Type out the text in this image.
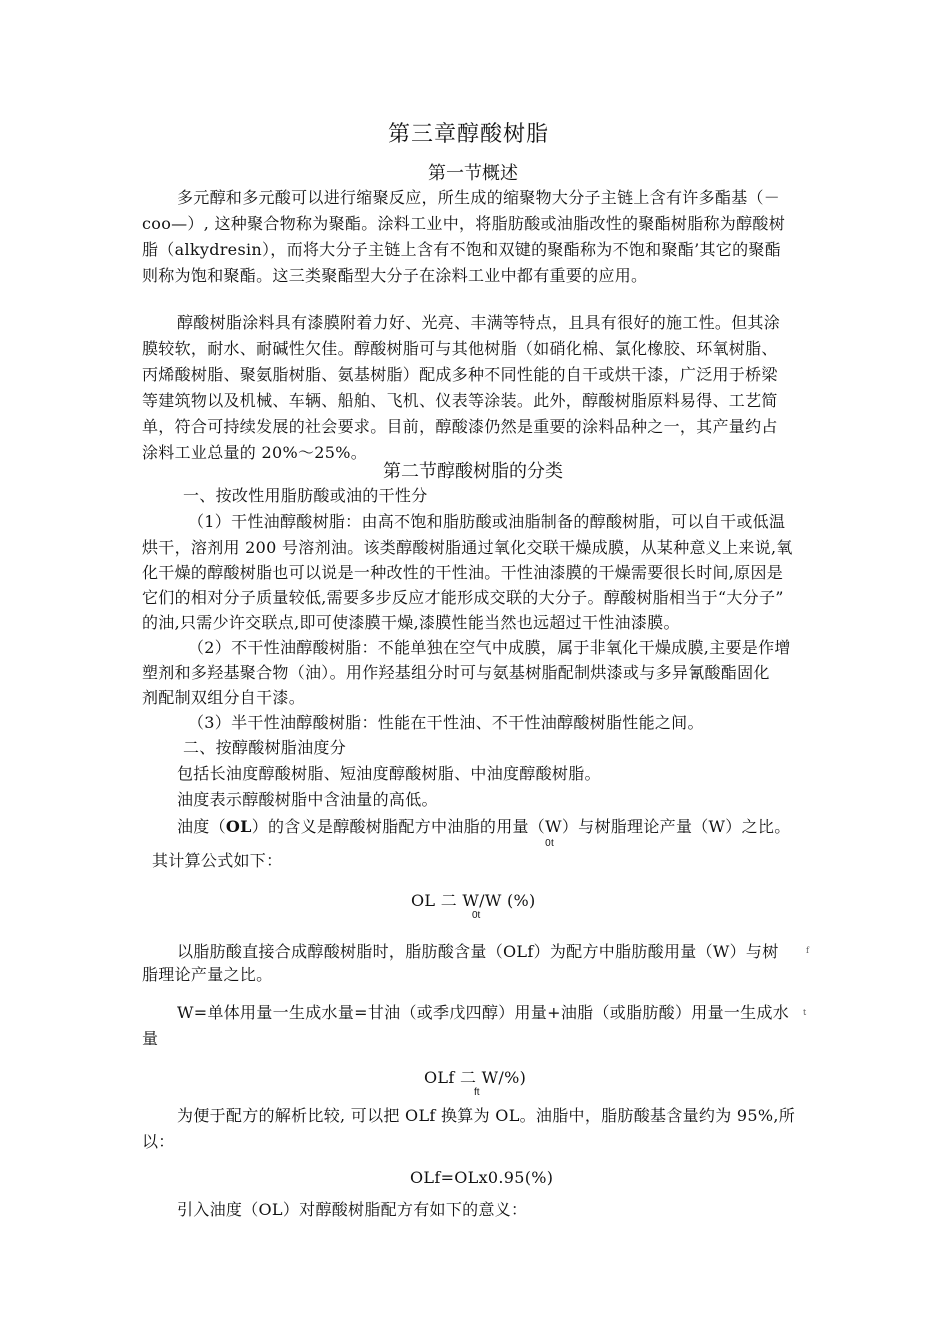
第三章醇酸树脂
第一节概述
多元醇和多元酸可以进行缩聚反应，所生成的缩聚物大分子主链上含有许多酯基（－
coo—）, 这种聚合物称为聚酯。涂料工业中，将脂肪酸或油脂改性的聚酯树脂称为醇酸树
脂（alkydresin），而将大分子主链上含有不饱和双键的聚酯称为不饱和聚酯’其它的聚酯
则称为饱和聚酯。这三类聚酯型大分子在涂料工业中都有重要的应用。
醇酸树脂涂料具有漆膜附着力好、光亮、丰满等特点，且具有很好的施工性。但其涂
膜较软，耐水、耐碱性欠佳。醇酸树脂可与其他树脂（如硝化棉、氯化橡胶、环氧树脂、
丙烯酸树脂、聚氨脂树脂、氨基树脂）配成多种不同性能的自干或烘干漆，广泛用于桥梁
等建筑物以及机械、车辆、船舶、飞机、仪表等涂装。此外，醇酸树脂原料易得、工艺简
单，符合可持续发展的社会要求。目前，醇酸漆仍然是重要的涂料品种之一，其产量约占
涂料工业总量的 20%～25%。
第二节醇酸树脂的分类
一、按改性用脂肪酸或油的干性分
（1）干性油醇酸树脂：由高不饱和脂肪酸或油脂制备的醇酸树脂，可以自干或低温
烘干，溶剂用 200 号溶剂油。该类醇酸树脂通过氧化交联干燥成膜，从某种意义上来说,氧
化干燥的醇酸树脂也可以说是一种改性的干性油。干性油漆膜的干燥需要很长时间,原因是
它们的相对分子质量较低,需要多步反应才能形成交联的大分子。醇酸树脂相当于“大分子”
的油,只需少许交联点,即可使漆膜干燥,漆膜性能当然也远超过干性油漆膜。
（2）不干性油醇酸树脂：不能单独在空气中成膜，属于非氧化干燥成膜,主要是作增
塑剂和多羟基聚合物（油）。用作羟基组分时可与氨基树脂配制烘漆或与多异氰酸酯固化
剂配制双组分自干漆。
（3）半干性油醇酸树脂：性能在干性油、不干性油醇酸树脂性能之间。
二、按醇酸树脂油度分
包括长油度醇酸树脂、短油度醇酸树脂、中油度醇酸树脂。
油度表示醇酸树脂中含油量的高低。
油度（OL）的含义是醇酸树脂配方中油脂的用量（W
0t
）与树脂理论产量（W）之比。
其计算公式如下：
OL 二 W/W (%)
0t
以脂肪酸直接合成醇酸树脂时，脂肪酸含量（OLf）为配方中脂肪酸用量（W）与树	f
脂理论产量之比。
W=单体用量一生成水量=甘油（或季戊四醇）用量+油脂（或脂肪酸）用量一生成水 t
量
OLf 二 W/%)
ft
为便于配方的解析比较, 可以把 OLf 换算为 OL。油脂中，脂肪酸基含量约为 95%,所
以：
OLf=OLx0.95(%)
引入油度（OL）对醇酸树脂配方有如下的意义：
